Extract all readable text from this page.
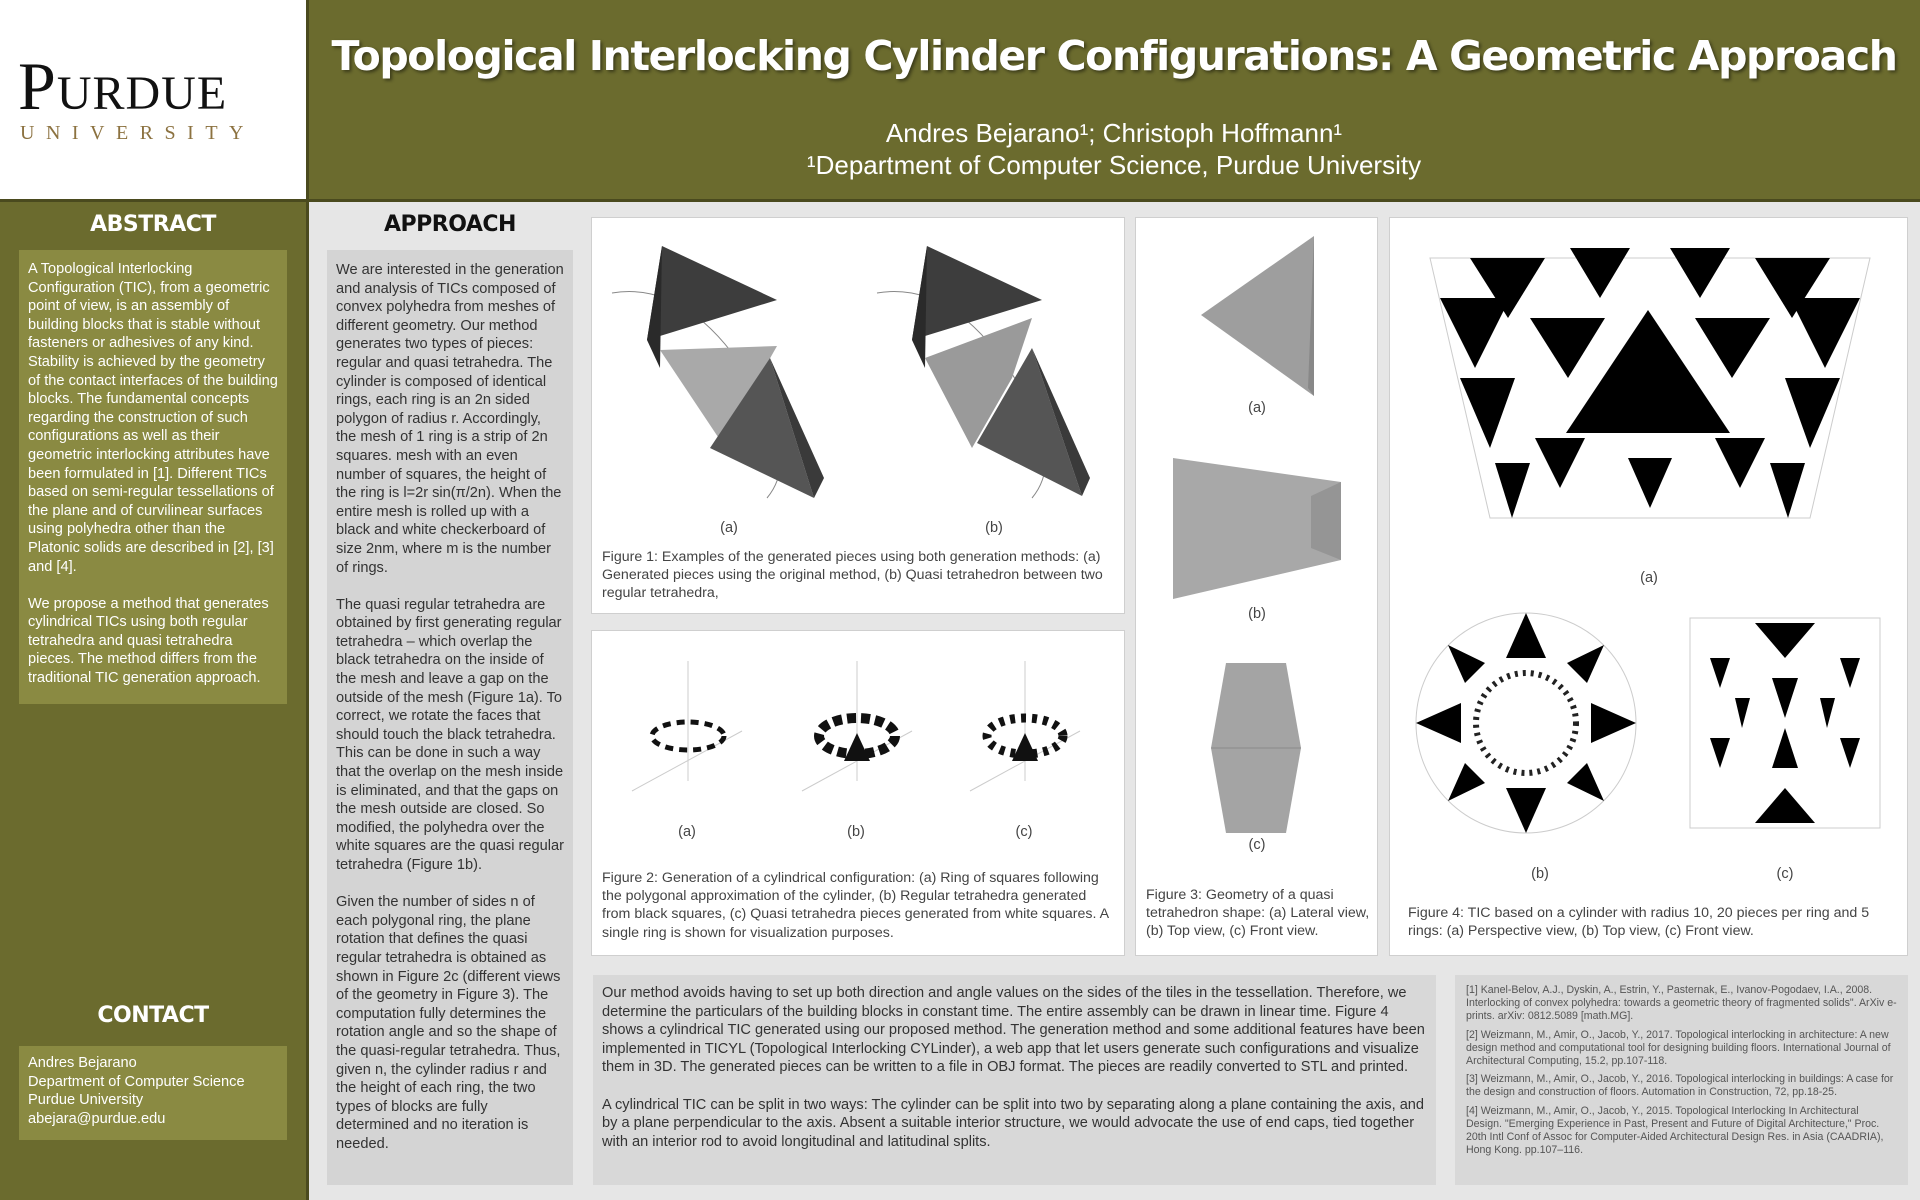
Purdue
UNIVERSITY
Topological Interlocking Cylinder Configurations: A Geometric Approach
Andres Bejarano¹; Christoph Hoffmann¹
¹Department of Computer Science, Purdue University
ABSTRACT

A Topological Interlocking Configuration (TIC), from a geometric point of view, is an assembly of building blocks that is stable without fasteners or adhesives of any kind. Stability is achieved by the geometry of the contact interfaces of the building blocks. The fundamental concepts regarding the construction of such configurations as well as their geometric interlocking attributes have been formulated in [1]. Different TICs based on semi-regular tessellations of the plane and of curvilinear surfaces using polyhedra other than the Platonic solids are described in [2], [3] and [4].

We propose a method that generates cylindrical TICs using both regular tetrahedra and quasi tetrahedra pieces. The method differs from the traditional TIC generation approach.

CONTACT
Andres Bejarano
Department of Computer Science
Purdue University
abejara@purdue.edu
APPROACH

We are interested in the generation and analysis of TICs composed of convex polyhedra from meshes of different geometry. Our method generates two types of pieces: regular and quasi tetrahedra. The cylinder is composed of identical rings, each ring is an 2n sided polygon of radius r. Accordingly, the mesh of 1 ring is a strip of 2n squares. mesh with an even number of squares, the height of the ring is l=2r sin(π/2n). When the entire mesh is rolled up with a black and white checkerboard of size 2nm, where m is the number of rings.

The quasi regular tetrahedra are obtained by first generating regular tetrahedra – which overlap the black tetrahedra on the inside of the mesh and leave a gap on the outside of the mesh (Figure 1a). To correct, we rotate the faces that should touch the black tetrahedra. This can be done in such a way that the overlap on the mesh inside is eliminated, and that the gaps on the mesh outside are closed. So modified, the polyhedra over the white squares are the quasi regular tetrahedra (Figure 1b).

Given the number of sides n of each polygonal ring, the plane rotation that defines the quasi regular tetrahedra is obtained as shown in Figure 2c (different views of the geometry in Figure 3). The computation fully determines the rotation angle and so the shape of the quasi-regular tetrahedra. Thus, given n, the cylinder radius r and the height of each ring, the two types of blocks are fully determined and no iteration is needed.

(a)	(b)
Figure 1: Examples of the generated pieces using both generation methods: (a) Generated pieces using the original method, (b) Quasi tetrahedron between two regular tetrahedra,
(a)	(b)	(c)
Figure 2: Generation of a cylindrical configuration: (a) Ring of squares following the polygonal approximation of the cylinder, (b) Regular tetrahedra generated from black squares, (c) Quasi tetrahedra pieces generated from white squares. A single ring is shown for visualization purposes.
(a)
(b)
(c)
Figure 3: Geometry of a quasi tetrahedron shape: (a) Lateral view, (b) Top view, (c) Front view.
(a)
(b)	(c)
Figure 4: TIC based on a cylinder with radius 10, 20 pieces per ring and 5 rings: (a) Perspective view, (b) Top view, (c) Front view.

Our method avoids having to set up both direction and angle values on the sides of the tiles in the tessellation. Therefore, we determine the particulars of the building blocks in constant time. The entire assembly can be drawn in linear time. Figure 4 shows a cylindrical TIC generated using our proposed method. The generation method and some additional features have been implemented in TICYL (Topological Interlocking CYLinder), a web app that let users generate such configurations and visualize them in 3D. The generated pieces can be written to a file in OBJ format. The pieces are readily converted to STL and printed.

A cylindrical TIC can be split in two ways: The cylinder can be split into two by separating along a plane containing the axis, and by a plane perpendicular to the axis. Absent a suitable interior structure, we would advocate the use of end caps, tied together with an interior rod to avoid longitudinal and latitudinal splits.

[1] Kanel-Belov, A.J., Dyskin, A., Estrin, Y., Pasternak, E., Ivanov-Pogodaev, I.A., 2008. Interlocking of convex polyhedra: towards a geometric theory of fragmented solids". ArXiv e-prints. arXiv: 0812.5089 [math.MG].

[2] Weizmann, M., Amir, O., Jacob, Y., 2017. Topological interlocking in architecture: A new design method and computational tool for designing building floors. International Journal of Architectural Computing, 15.2, pp.107-118.

[3] Weizmann, M., Amir, O., Jacob, Y., 2016. Topological interlocking in buildings: A case for the design and construction of floors. Automation in Construction, 72, pp.18-25.

[4] Weizmann, M., Amir, O., Jacob, Y., 2015. Topological Interlocking In Architectural Design. "Emerging Experience in Past, Present and Future of Digital Architecture," Proc. 20th Intl Conf of Assoc for Computer-Aided Architectural Design Res. in Asia (CAADRIA), Hong Kong. pp.107–116.
